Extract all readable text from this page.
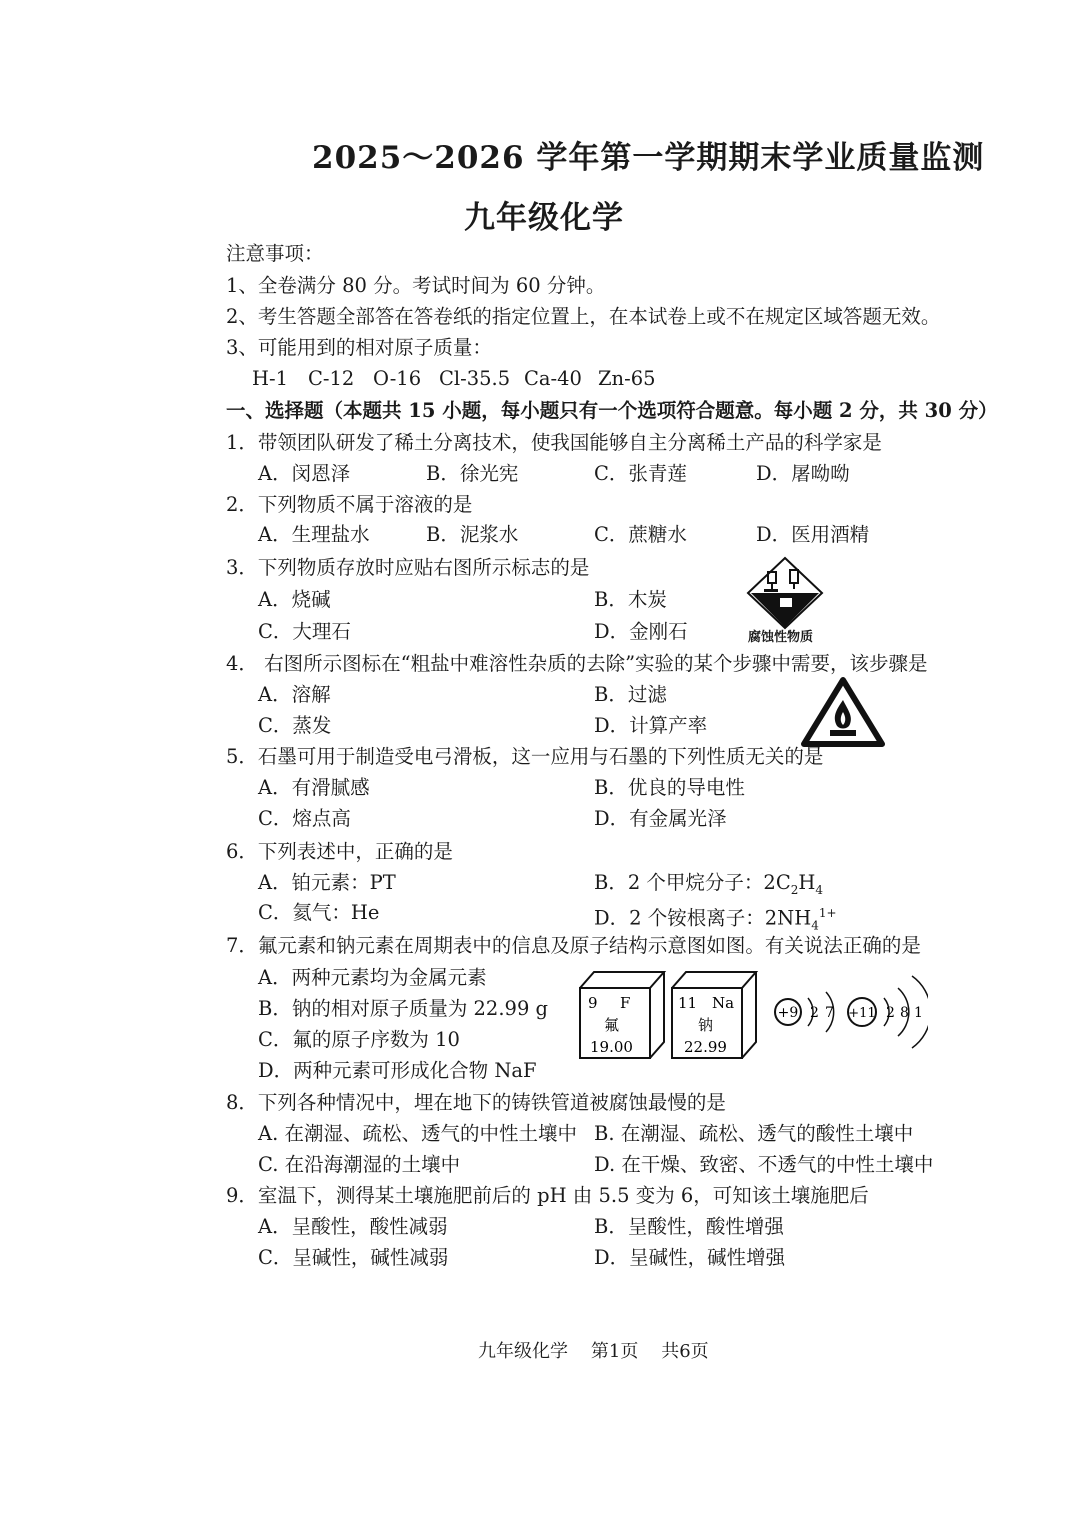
2025～2026 学年第一学期期末学业质量监测
九年级化学
注意事项：
1、全卷满分 80 分。考试时间为 60 分钟。
2、考生答题全部答在答卷纸的指定位置上，在本试卷上或不在规定区域答题无效。
3、可能用到的相对原子质量：
H-1 C-12 O-16 Cl-35.5 Ca-40 Zn-65
一、选择题（本题共 15 小题，每小题只有一个选项符合题意。每小题 2 分，共 30 分）
1．带领团队研发了稀土分离技术，使我国能够自主分离稀土产品的科学家是
A．闵恩泽	B．徐光宪	C．张青莲	D．屠呦呦
2．下列物质不属于溶液的是
A．生理盐水	B．泥浆水	C．蔗糖水	D．医用酒精
3．下列物质存放时应贴右图所示标志的是
A．烧碱	B．木炭
C．大理石	D．金刚石	腐蚀性物质
4． 右图所示图标在“粗盐中难溶性杂质的去除”实验的某个步骤中需要，该步骤是
A．溶解	B．过滤
C．蒸发	D．计算产率
5．石墨可用于制造受电弓滑板，这一应用与石墨的下列性质无关的是
A．有滑腻感	B．优良的导电性
C．熔点高	D．有金属光泽
6．下列表述中，正确的是
A．铂元素：PT	B．2 个甲烷分子：$2C_2H_4$
C．氦气：He	D．2 个铵根离子：$2NH_4^{1+}$
7．氟元素和钠元素在周期表中的信息及原子结构示意图如图。有关说法正确的是
A．两种元素均为金属元素
B．钠的相对原子质量为 22.99 g
C．氟的原子序数为 10
D．两种元素可形成化合物 NaF
9 F
氟
19.00
11 Na
钠
22.99
+9 2 7 +11 2 8 1
8．下列各种情况中，埋在地下的铸铁管道被腐蚀最慢的是
A. 在潮湿、疏松、透气的中性土壤中 B. 在潮湿、疏松、透气的酸性土壤中
C. 在沿海潮湿的土壤中	D. 在干燥、致密、不透气的中性土壤中
9．室温下，测得某土壤施肥前后的 pH 由 5.5 变为 6，可知该土壤施肥后
A．呈酸性，酸性减弱	B．呈酸性，酸性增强
C．呈碱性，碱性减弱	D．呈碱性，碱性增强
九年级化学    第1页    共6页
